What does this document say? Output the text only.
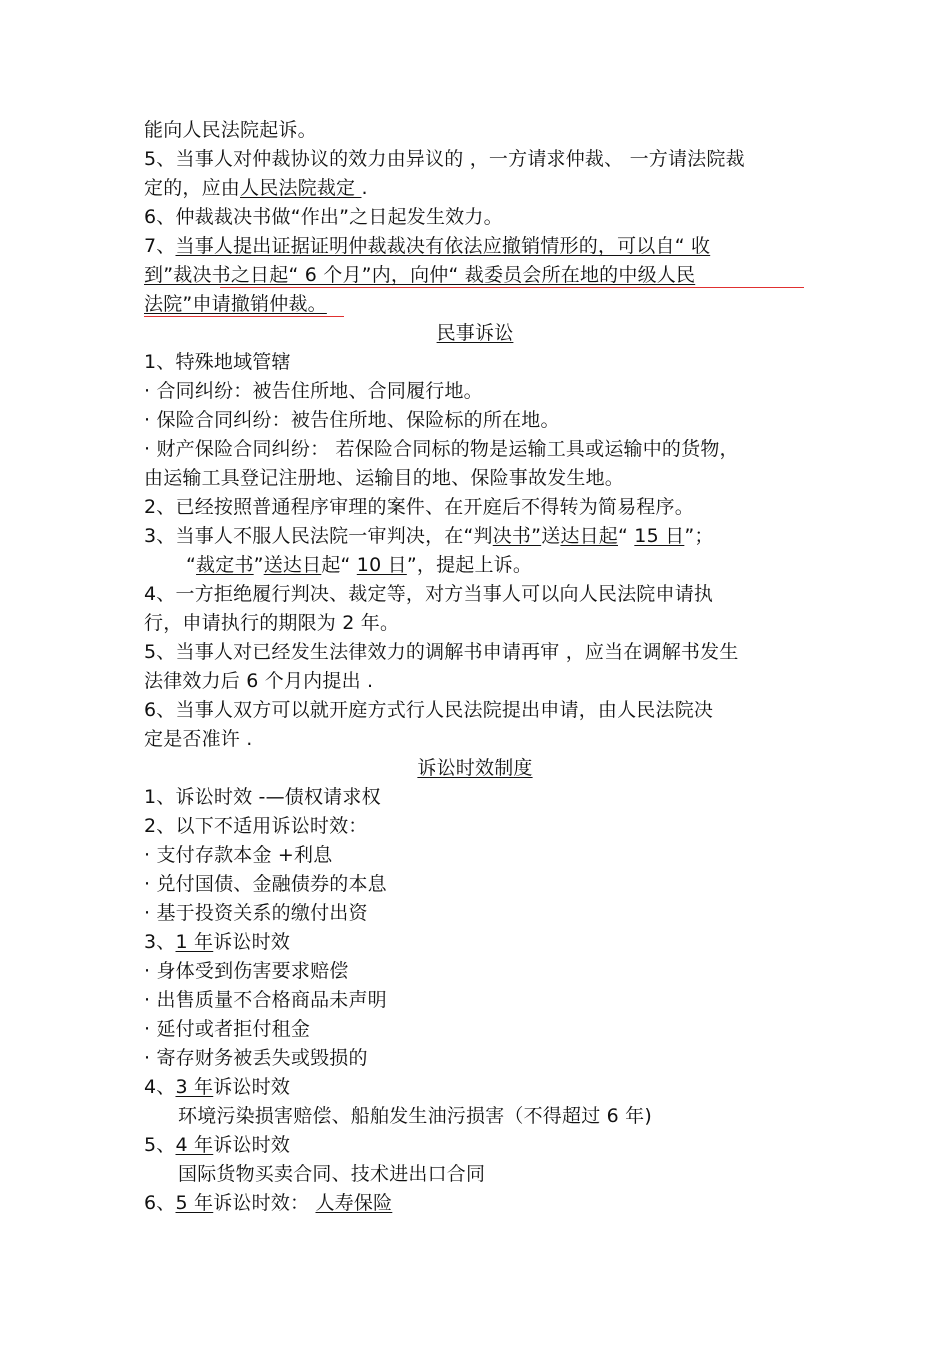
能向人民法院起诉。
5、当事人对仲裁协议的效力由异议的 ，一方请求仲裁、 一方请法院裁
定的，应由人民法院裁定 .
6、仲裁裁决书做“作出”之日起发生效力。
7、当事人提出证据证明仲裁裁决有依法应撤销情形的，可以自“ 收
到”裁决书之日起“ 6 个月”内，向仲“ 裁委员会所在地的中级人民
法院”申请撤销仲裁。
民事诉讼
1、特殊地域管辖
· 合同纠纷：被告住所地、合同履行地。
· 保险合同纠纷：被告住所地、保险标的所在地。
· 财产保险合同纠纷： 若保险合同标的物是运输工具或运输中的货物，
由运输工具登记注册地、运输目的地、保险事故发生地。
2、已经按照普通程序审理的案件、在开庭后不得转为简易程序。
3、当事人不服人民法院一审判决，在“判决书”送达日起“ 15 日”；
“裁定书”送达日起“ 10 日”，提起上诉。
4、一方拒绝履行判决、裁定等，对方当事人可以向人民法院申请执
行，申请执行的期限为 2 年。
5、当事人对已经发生法律效力的调解书申请再审 ，应当在调解书发生
法律效力后 6 个月内提出 .
6、当事人双方可以就开庭方式行人民法院提出申请，由人民法院决
定是否准许 .
诉讼时效制度
1、诉讼时效 -—债权请求权
2、以下不适用诉讼时效：
· 支付存款本金 +利息
· 兑付国债、金融债券的本息
· 基于投资关系的缴付出资
3、1 年诉讼时效
· 身体受到伤害要求赔偿
· 出售质量不合格商品未声明
· 延付或者拒付租金
· 寄存财务被丢失或毁损的
4、3 年诉讼时效
环境污染损害赔偿、船舶发生油污损害（不得超过 6 年)
5、4 年诉讼时效
国际货物买卖合同、技术进出口合同
6、5 年诉讼时效： 人寿保险
